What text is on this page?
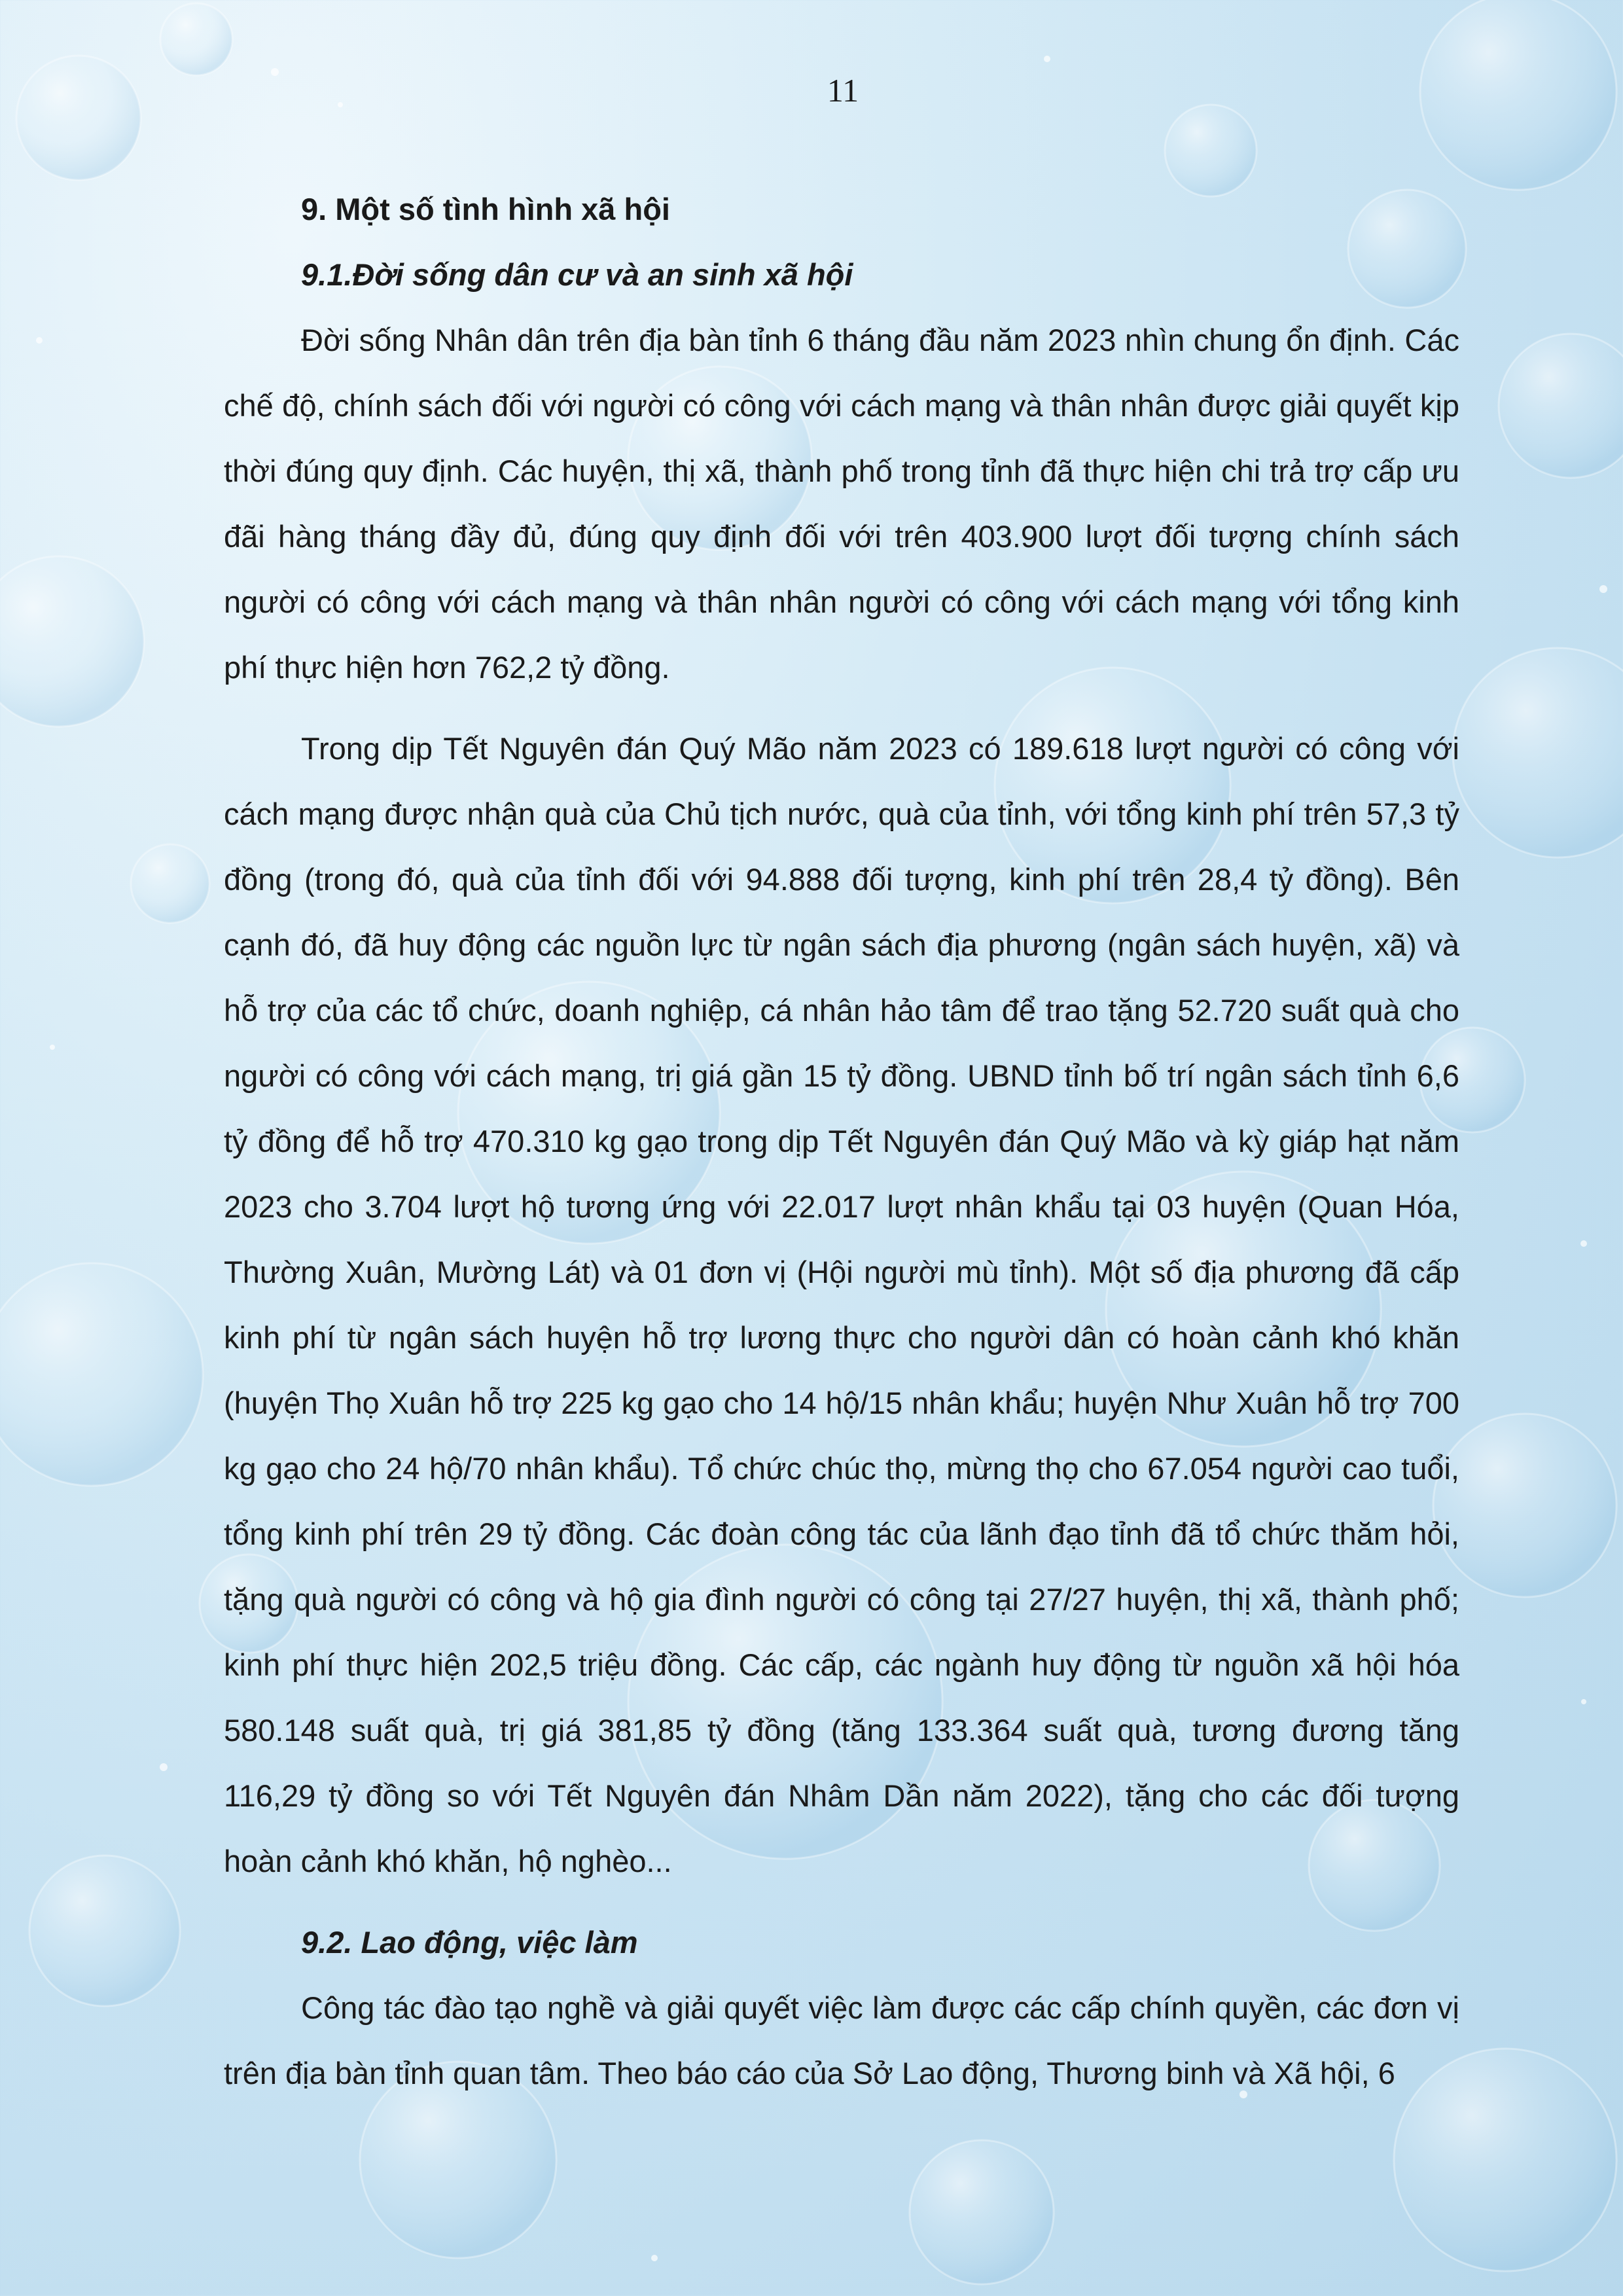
11

9. Một số tình hình xã hội

9.1.Đời sống dân cư và an sinh xã hội

Đời sống Nhân dân trên địa bàn tỉnh 6 tháng đầu năm 2023 nhìn chung ổn định. Các chế độ, chính sách đối với người có công với cách mạng và thân nhân được giải quyết kịp thời đúng quy định. Các huyện, thị xã, thành phố trong tỉnh đã thực hiện chi trả trợ cấp ưu đãi hàng tháng đầy đủ, đúng quy định đối với trên 403.900 lượt đối tượng chính sách người có công với cách mạng và thân nhân người có công với cách mạng với tổng kinh phí thực hiện hơn 762,2 tỷ đồng.

Trong dịp Tết Nguyên đán Quý Mão năm 2023 có 189.618 lượt người có công với cách mạng được nhận quà của Chủ tịch nước, quà của tỉnh, với tổng kinh phí trên 57,3 tỷ đồng (trong đó, quà của tỉnh đối với 94.888 đối tượng, kinh phí trên 28,4 tỷ đồng). Bên cạnh đó, đã huy động các nguồn lực từ ngân sách địa phương (ngân sách huyện, xã) và hỗ trợ của các tổ chức, doanh nghiệp, cá nhân hảo tâm để trao tặng 52.720 suất quà cho người có công với cách mạng, trị giá gần 15 tỷ đồng. UBND tỉnh bố trí ngân sách tỉnh 6,6 tỷ đồng để hỗ trợ 470.310 kg gạo trong dịp Tết Nguyên đán Quý Mão và kỳ giáp hạt năm 2023 cho 3.704 lượt hộ tương ứng với 22.017 lượt nhân khẩu tại 03 huyện (Quan Hóa, Thường Xuân, Mường Lát) và 01 đơn vị (Hội người mù tỉnh). Một số địa phương đã cấp kinh phí từ ngân sách huyện hỗ trợ lương thực cho người dân có hoàn cảnh khó khăn (huyện Thọ Xuân hỗ trợ 225 kg gạo cho 14 hộ/15 nhân khẩu; huyện Như Xuân hỗ trợ 700 kg gạo cho 24 hộ/70 nhân khẩu). Tổ chức chúc thọ, mừng thọ cho 67.054 người cao tuổi, tổng kinh phí trên 29 tỷ đồng. Các đoàn công tác của lãnh đạo tỉnh đã tổ chức thăm hỏi, tặng quà người có công và hộ gia đình người có công tại 27/27 huyện, thị xã, thành phố; kinh phí thực hiện 202,5 triệu đồng. Các cấp, các ngành huy động từ nguồn xã hội hóa 580.148 suất quà, trị giá 381,85 tỷ đồng (tăng 133.364 suất quà, tương đương tăng 116,29 tỷ đồng so với Tết Nguyên đán Nhâm Dần năm 2022), tặng cho các đối tượng hoàn cảnh khó khăn, hộ nghèo...

9.2. Lao động, việc làm

Công tác đào tạo nghề và giải quyết việc làm được các cấp chính quyền, các đơn vị trên địa bàn tỉnh quan tâm. Theo báo cáo của Sở Lao động, Thương binh và Xã hội, 6
